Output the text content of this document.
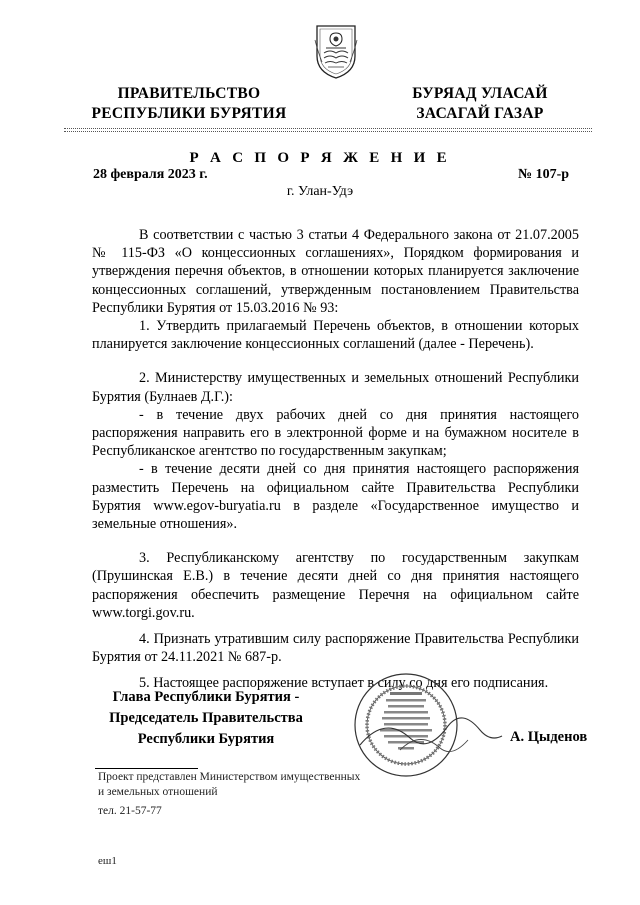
ПРАВИТЕЛЬСТВО
РЕСПУБЛИКИ БУРЯТИЯ
БУРЯАД УЛАСАЙ
ЗАСАГАЙ ГАЗАР
Р А С П О Р Я Ж Е Н И Е
28 февраля 2023 г.	№ 107-р
г. Улан-Удэ

В соответствии с частью 3 статьи 4 Федерального закона от 21.07.2005 № 115-ФЗ «О концессионных соглашениях», Порядком формирования и утверждения перечня объектов, в отношении которых планируется заключение концессионных соглашений, утвержденным постановлением Правительства Республики Бурятия от 15.03.2016 № 93:

1. Утвердить прилагаемый Перечень объектов, в отношении которых планируется заключение концессионных соглашений (далее - Перечень).

2. Министерству имущественных и земельных отношений Республики Бурятия (Булнаев Д.Г.):

- в течение двух рабочих дней со дня принятия настоящего распоряжения направить его в электронной форме и на бумажном носителе в Республиканское агентство по государственным закупкам;

- в течение десяти дней со дня принятия настоящего распоряжения разместить Перечень на официальном сайте Правительства Республики Бурятия www.egov-buryatia.ru в разделе «Государственное имущество и земельные отношения».

3. Республиканскому агентству по государственным закупкам (Прушинская Е.В.) в течение десяти дней со дня принятия настоящего распоряжения обеспечить размещение Перечня на официальном сайте www.torgi.gov.ru.

4. Признать утратившим силу распоряжение Правительства Республики Бурятия от 24.11.2021 № 687-р.

5. Настоящее распоряжение вступает в силу со дня его подписания.

Глава Республики Бурятия -
Председатель Правительства
Республики Бурятия	А. Цыденов
Проект представлен Министерством имущественных
и земельных отношений
тел. 21-57-77
еш1
